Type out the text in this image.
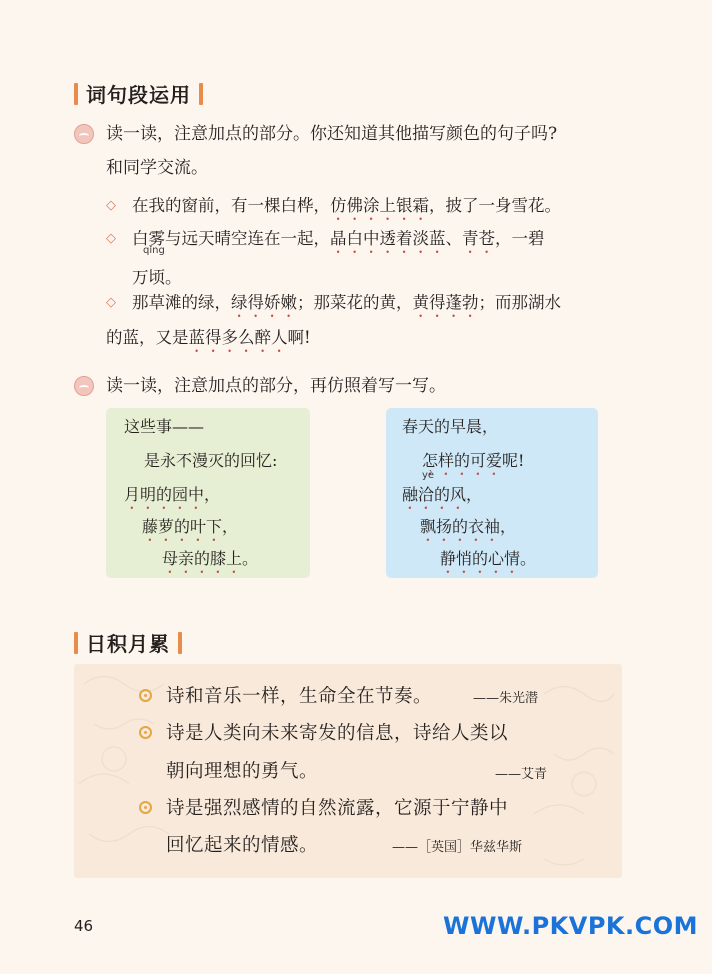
词句段运用
读一读，注意加点的部分。你还知道其他描写颜色的句子吗?
和同学交流。
◇ 在我的窗前，有一棵白桦，仿佛涂上银霜，披了一身雪花。
qǐng
◇ 白雾与远天晴空连在一起，晶白中透着淡蓝、青苍，一碧
万顷。
◇ 那草滩的绿，绿得娇嫩；那菜花的黄，黄得蓬勃；而那湖水
的蓝，又是蓝得多么醉人啊!
读一读，注意加点的部分，再仿照着写一写。
这些事——
是永不漫灭的回忆:
月明的园中，
藤萝的叶下，
母亲的膝上。
春天的早晨，
怎样的可爱呢!
yè
融洽的风，
飘扬的衣袖，
静悄的心情。
日积月累
诗和音乐一样，生命全在节奏。	——朱光潜
诗是人类向未来寄发的信息，诗给人类以
朝向理想的勇气。	——艾青
诗是强烈感情的自然流露，它源于宁静中
回忆起来的情感。	——［英国］华兹华斯
46	WWW.PKVPK.COM
